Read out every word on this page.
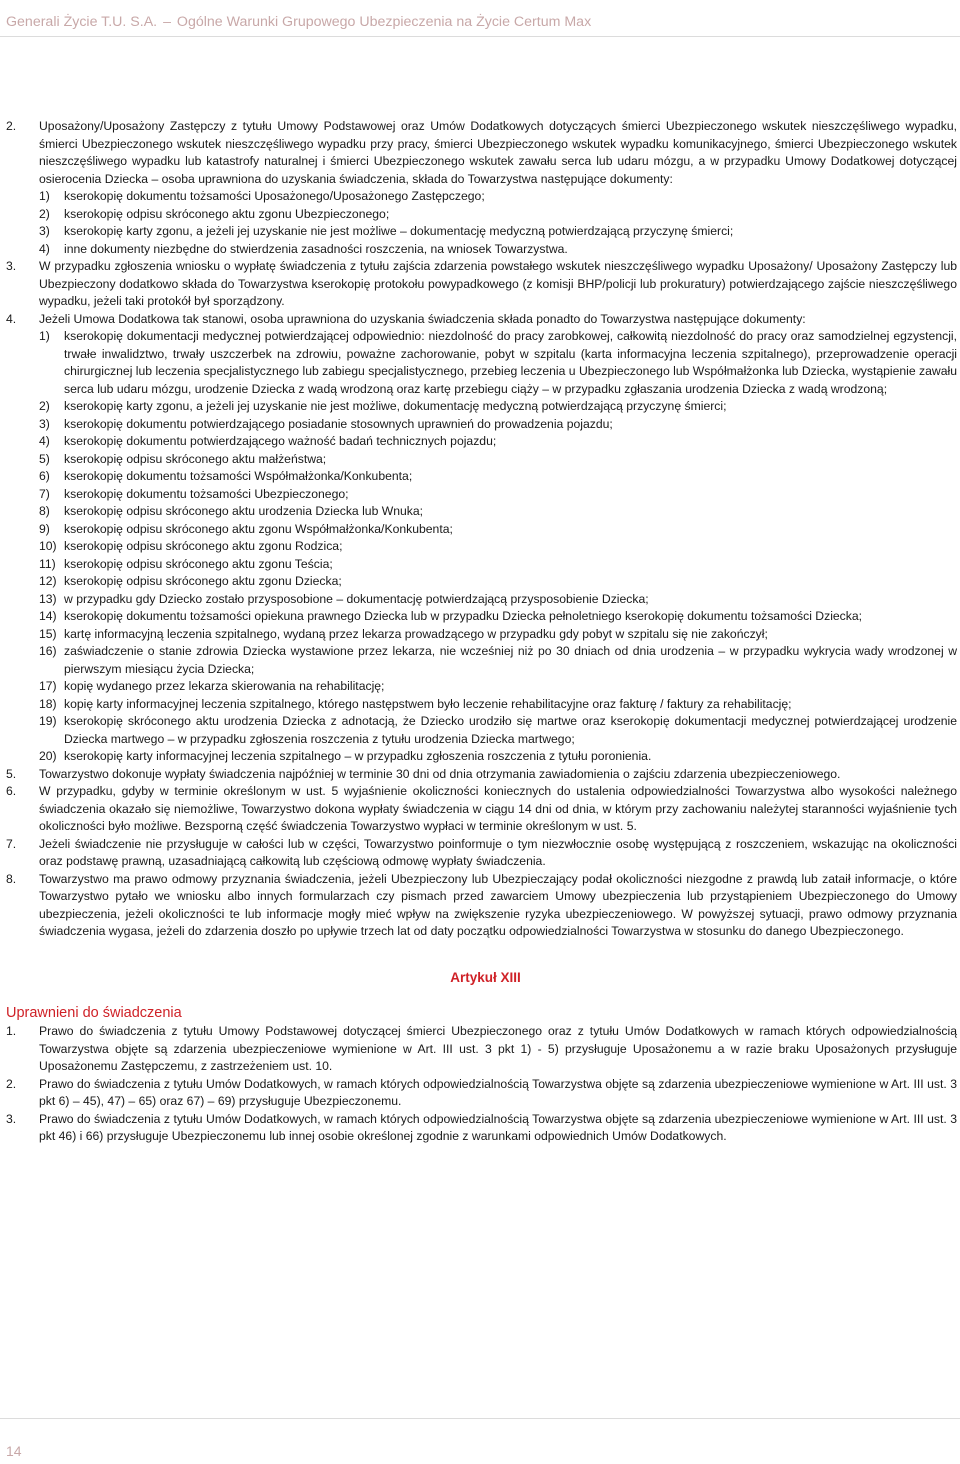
Generali Życie T.U. S.A. – Ogólne Warunki Grupowego Ubezpieczenia na Życie Certum Max
2.	Uposażony/Uposażony Zastępczy z tytułu Umowy Podstawowej oraz Umów Dodatkowych dotyczących śmierci Ubezpieczonego wskutek nieszczęśliwego wypadku, śmierci Ubezpieczonego wskutek nieszczęśliwego wypadku przy pracy, śmierci Ubezpieczonego wskutek wypadku komunikacyjnego, śmierci Ubezpieczonego wskutek nieszczęśliwego wypadku lub katastrofy naturalnej i śmierci Ubezpieczonego wskutek zawału serca lub udaru mózgu, a w przypadku Umowy Dodatkowej dotyczącej osierocenia Dziecka – osoba uprawniona do uzyskania świadczenia, składa do Towarzystwa następujące dokumenty:
1)	kserokopię dokumentu tożsamości Uposażonego/Uposażonego Zastępczego;
2)	kserokopię odpisu skróconego aktu zgonu Ubezpieczonego;
3)	kserokopię karty zgonu, a jeżeli jej uzyskanie nie jest możliwe – dokumentację medyczną potwierdzającą przyczynę śmierci;
4)	inne dokumenty niezbędne do stwierdzenia zasadności roszczenia, na wniosek Towarzystwa.
3.	W przypadku zgłoszenia wniosku o wypłatę świadczenia z tytułu zajścia zdarzenia powstałego wskutek nieszczęśliwego wypadku Uposażony/ Uposażony Zastępczy lub Ubezpieczony dodatkowo składa do Towarzystwa kserokopię protokołu powypadkowego (z komisji BHP/policji lub prokuratury) potwierdzającego zajście nieszczęśliwego wypadku, jeżeli taki protokół był sporządzony.
4.	Jeżeli Umowa Dodatkowa tak stanowi, osoba uprawniona do uzyskania świadczenia składa ponadto do Towarzystwa następujące dokumenty:
1)	kserokopię dokumentacji medycznej potwierdzającej odpowiednio: niezdolność do pracy zarobkowej, całkowitą niezdolność do pracy oraz samodzielnej egzystencji, trwałe inwalidztwo, trwały uszczerbek na zdrowiu, poważne zachorowanie, pobyt w szpitalu (karta informacyjna leczenia szpitalnego), przeprowadzenie operacji chirurgicznej lub leczenia specjalistycznego lub zabiegu specjalistycznego, przebieg leczenia u Ubezpieczonego lub Współmałżonka lub Dziecka, wystąpienie zawału serca lub udaru mózgu, urodzenie Dziecka z wadą wrodzoną oraz kartę przebiegu ciąży – w przypadku zgłaszania urodzenia Dziecka z wadą wrodzoną;
2)	kserokopię karty zgonu, a jeżeli jej uzyskanie nie jest możliwe, dokumentację medyczną potwierdzającą przyczynę śmierci;
3)	kserokopię dokumentu potwierdzającego posiadanie stosownych uprawnień do prowadzenia pojazdu;
4)	kserokopię dokumentu potwierdzającego ważność badań technicznych pojazdu;
5)	kserokopię odpisu skróconego aktu małżeństwa;
6)	kserokopię dokumentu tożsamości Współmałżonka/Konkubenta;
7)	kserokopię dokumentu tożsamości Ubezpieczonego;
8)	kserokopię odpisu skróconego aktu urodzenia Dziecka lub Wnuka;
9)	kserokopię odpisu skróconego aktu zgonu Współmałżonka/Konkubenta;
10) kserokopię odpisu skróconego aktu zgonu Rodzica;
11) kserokopię odpisu skróconego aktu zgonu Teścia;
12) kserokopię odpisu skróconego aktu zgonu Dziecka;
13) w przypadku gdy Dziecko zostało przysposobione – dokumentację potwierdzającą przysposobienie Dziecka;
14) kserokopię dokumentu tożsamości opiekuna prawnego Dziecka lub w przypadku Dziecka pełnoletniego kserokopię dokumentu tożsamości Dziecka;
15) kartę informacyjną leczenia szpitalnego, wydaną przez lekarza prowadzącego w przypadku gdy pobyt w szpitalu się nie zakończył;
16) zaświadczenie o stanie zdrowia Dziecka wystawione przez lekarza, nie wcześniej niż po 30 dniach od dnia urodzenia – w przypadku wykrycia wady wrodzonej w pierwszym miesiącu życia Dziecka;
17) kopię wydanego przez lekarza skierowania na rehabilitację;
18) kopię karty informacyjnej leczenia szpitalnego, którego następstwem było leczenie rehabilitacyjne oraz fakturę / faktury za rehabilitację;
19) kserokopię skróconego aktu urodzenia Dziecka z adnotacją, że Dziecko urodziło się martwe oraz kserokopię dokumentacji medycznej potwierdzającej urodzenie Dziecka martwego – w przypadku zgłoszenia roszczenia z tytułu urodzenia Dziecka martwego;
20) kserokopię karty informacyjnej leczenia szpitalnego – w przypadku zgłoszenia roszczenia z tytułu poronienia.
5.	Towarzystwo dokonuje wypłaty świadczenia najpóźniej w terminie 30 dni od dnia otrzymania zawiadomienia o zajściu zdarzenia ubezpieczeniowego.
6.	W przypadku, gdyby w terminie określonym w ust. 5 wyjaśnienie okoliczności koniecznych do ustalenia odpowiedzialności Towarzystwa albo wysokości należnego świadczenia okazało się niemożliwe, Towarzystwo dokona wypłaty świadczenia w ciągu 14 dni od dnia, w którym przy zachowaniu należytej staranności wyjaśnienie tych okoliczności było możliwe. Bezsporną część świadczenia Towarzystwo wypłaci w terminie określonym w ust. 5.
7.	Jeżeli świadczenie nie przysługuje w całości lub w części, Towarzystwo poinformuje o tym niezwłocznie osobę występującą z roszczeniem, wskazując na okoliczności oraz podstawę prawną, uzasadniającą całkowitą lub częściową odmowę wypłaty świadczenia.
8.	Towarzystwo ma prawo odmowy przyznania świadczenia, jeżeli Ubezpieczony lub Ubezpieczający podał okoliczności niezgodne z prawdą lub zataił informacje, o które Towarzystwo pytało we wniosku albo innych formularzach czy pismach przed zawarciem Umowy ubezpieczenia lub przystąpieniem Ubezpieczonego do Umowy ubezpieczenia, jeżeli okoliczności te lub informacje mogły mieć wpływ na zwiększenie ryzyka ubezpieczeniowego. W powyższej sytuacji, prawo odmowy przyznania świadczenia wygasa, jeżeli do zdarzenia doszło po upływie trzech lat od daty początku odpowiedzialności Towarzystwa w stosunku do danego Ubezpieczonego.
Artykuł XIII
Uprawnieni do świadczenia
1.	Prawo do świadczenia z tytułu Umowy Podstawowej dotyczącej śmierci Ubezpieczonego oraz z tytułu Umów Dodatkowych w ramach których odpowiedzialnością Towarzystwa objęte są zdarzenia ubezpieczeniowe wymienione w Art. III ust. 3 pkt 1) - 5) przysługuje Uposażonemu a w razie braku Uposażonych przysługuje Uposażonemu Zastępczemu, z zastrzeżeniem ust. 10.
2.	Prawo do świadczenia z tytułu Umów Dodatkowych, w ramach których odpowiedzialnością Towarzystwa objęte są zdarzenia ubezpieczeniowe wymienione w Art. III ust. 3 pkt 6) – 45), 47) – 65) oraz 67) – 69) przysługuje Ubezpieczonemu.
3.	Prawo do świadczenia z tytułu Umów Dodatkowych, w ramach których odpowiedzialnością Towarzystwa objęte są zdarzenia ubezpieczeniowe wymienione w Art. III ust. 3 pkt 46) i 66) przysługuje Ubezpieczonemu lub innej osobie określonej zgodnie z warunkami odpowiednich Umów Dodatkowych.
14
